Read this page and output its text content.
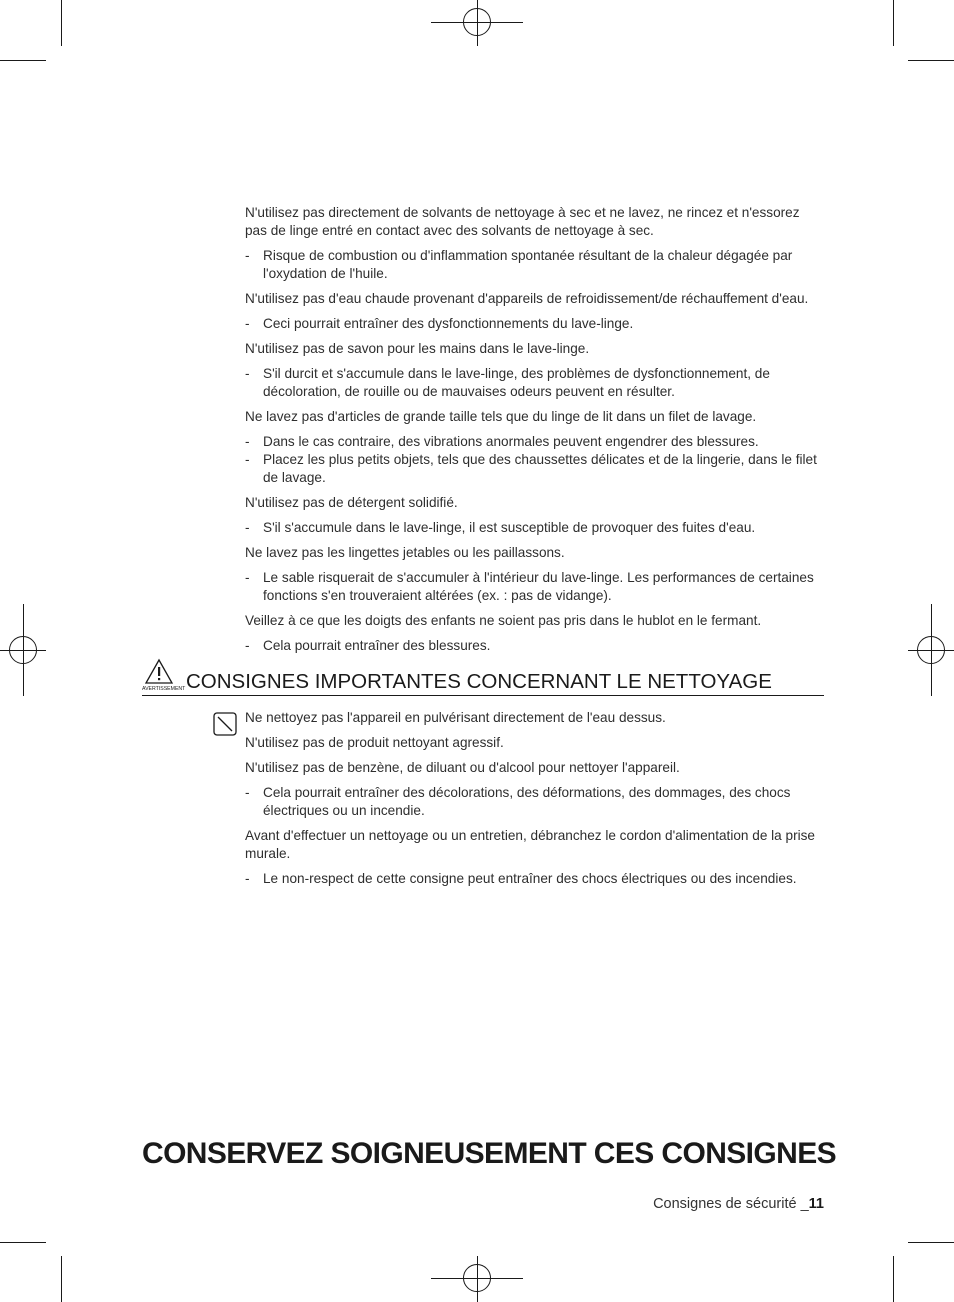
N'utilisez pas directement de solvants de nettoyage à sec et ne lavez, ne rincez et n'essorez pas de linge entré en contact avec des solvants de nettoyage à sec.
- Risque de combustion ou d'inflammation spontanée résultant de la chaleur dégagée par l'oxydation de l'huile.
N'utilisez pas d'eau chaude provenant d'appareils de refroidissement/de réchauffement d'eau.
- Ceci pourrait entraîner des dysfonctionnements du lave-linge.
N'utilisez pas de savon pour les mains dans le lave-linge.
- S'il durcit et s'accumule dans le lave-linge, des problèmes de dysfonctionnement, de décoloration, de rouille ou de mauvaises odeurs peuvent en résulter.
Ne lavez pas d'articles de grande taille tels que du linge de lit dans un filet de lavage.
- Dans le cas contraire, des vibrations anormales peuvent engendrer des blessures.
- Placez les plus petits objets, tels que des chaussettes délicates et de la lingerie, dans le filet de lavage.
N'utilisez pas de détergent solidifié.
- S'il s'accumule dans le lave-linge, il est susceptible de provoquer des fuites d'eau.
Ne lavez pas les lingettes jetables ou les paillassons.
- Le sable risquerait de s'accumuler à l'intérieur du lave-linge. Les performances de certaines fonctions s'en trouveraient altérées (ex. : pas de vidange).
Veillez à ce que les doigts des enfants ne soient pas pris dans le hublot en le fermant.
- Cela pourrait entraîner des blessures.
AVERTISSEMENT CONSIGNES IMPORTANTES CONCERNANT LE NETTOYAGE
Ne nettoyez pas l'appareil en pulvérisant directement de l'eau dessus.
N'utilisez pas de produit nettoyant agressif.
N'utilisez pas de benzène, de diluant ou d'alcool pour nettoyer l'appareil.
- Cela pourrait entraîner des décolorations, des déformations, des dommages, des chocs électriques ou un incendie.
Avant d'effectuer un nettoyage ou un entretien, débranchez le cordon d'alimentation de la prise murale.
- Le non-respect de cette consigne peut entraîner des chocs électriques ou des incendies.
CONSERVEZ SOIGNEUSEMENT CES CONSIGNES
Consignes de sécurité _11
